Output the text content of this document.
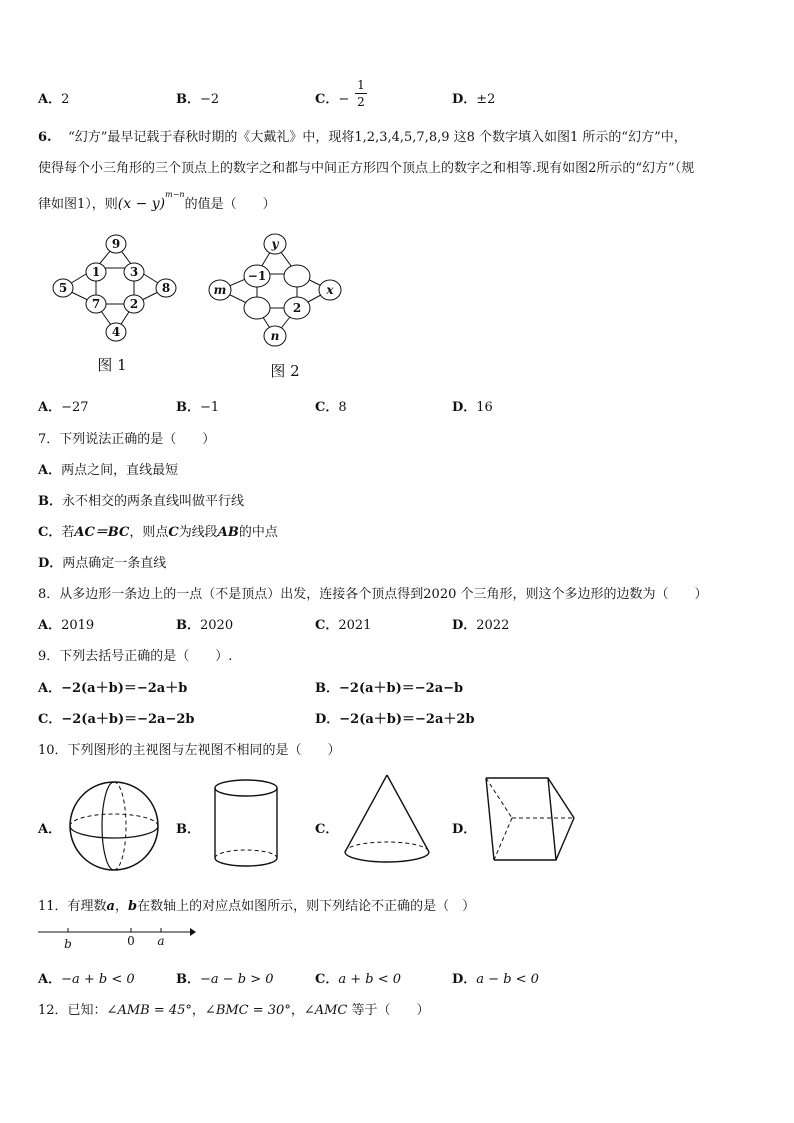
A．2	B．−2	C．−
1
2	D．±2
6. “幻方”最早记载于春秋时期的《大戴礼》中，现将1,2,3,4,5,7,8,9 这8 个数字填入如图1 所示的“幻方”中，
使得每个小三角形的三个顶点上的数字之和都与中间正方形四个顶点上的数字之和相等.现有如图2所示的“幻方”（规
律如图1），则$(x - y)^{m-n}$的值是（　　）
9
1 3
5	8
7 2
4
图 1
y
−1
m	x
2
n
图 2
A．−27	B．−1	C．8	D．16
7．下列说法正确的是（　　）
A．两点之间，直线最短
B．永不相交的两条直线叫做平行线
C．若AC＝BC，则点C为线段AB的中点
D．两点确定一条直线
8．从多边形一条边上的一点（不是顶点）出发，连接各个顶点得到2020 个三角形，则这个多边形的边数为（　　）
A．2019	B．2020	C．2021	D．2022
9．下列去括号正确的是（　　）.
A．−2(a＋b)＝−2a＋b	B．−2(a＋b)＝−2a−b
C．−2(a＋b)＝−2a−2b	D．−2(a＋b)＝−2a＋2b
10．下列图形的主视图与左视图不相同的是（　　）
A．	B．	C．	D．
11．有理数a，b在数轴上的对应点如图所示，则下列结论不正确的是（　）
b	0 a
A．−a + b < 0	B．−a − b > 0	C．a + b < 0	D．a − b < 0
12．已知：∠AMB = 45°，∠BMC = 30°，∠AMC 等于（　　）
